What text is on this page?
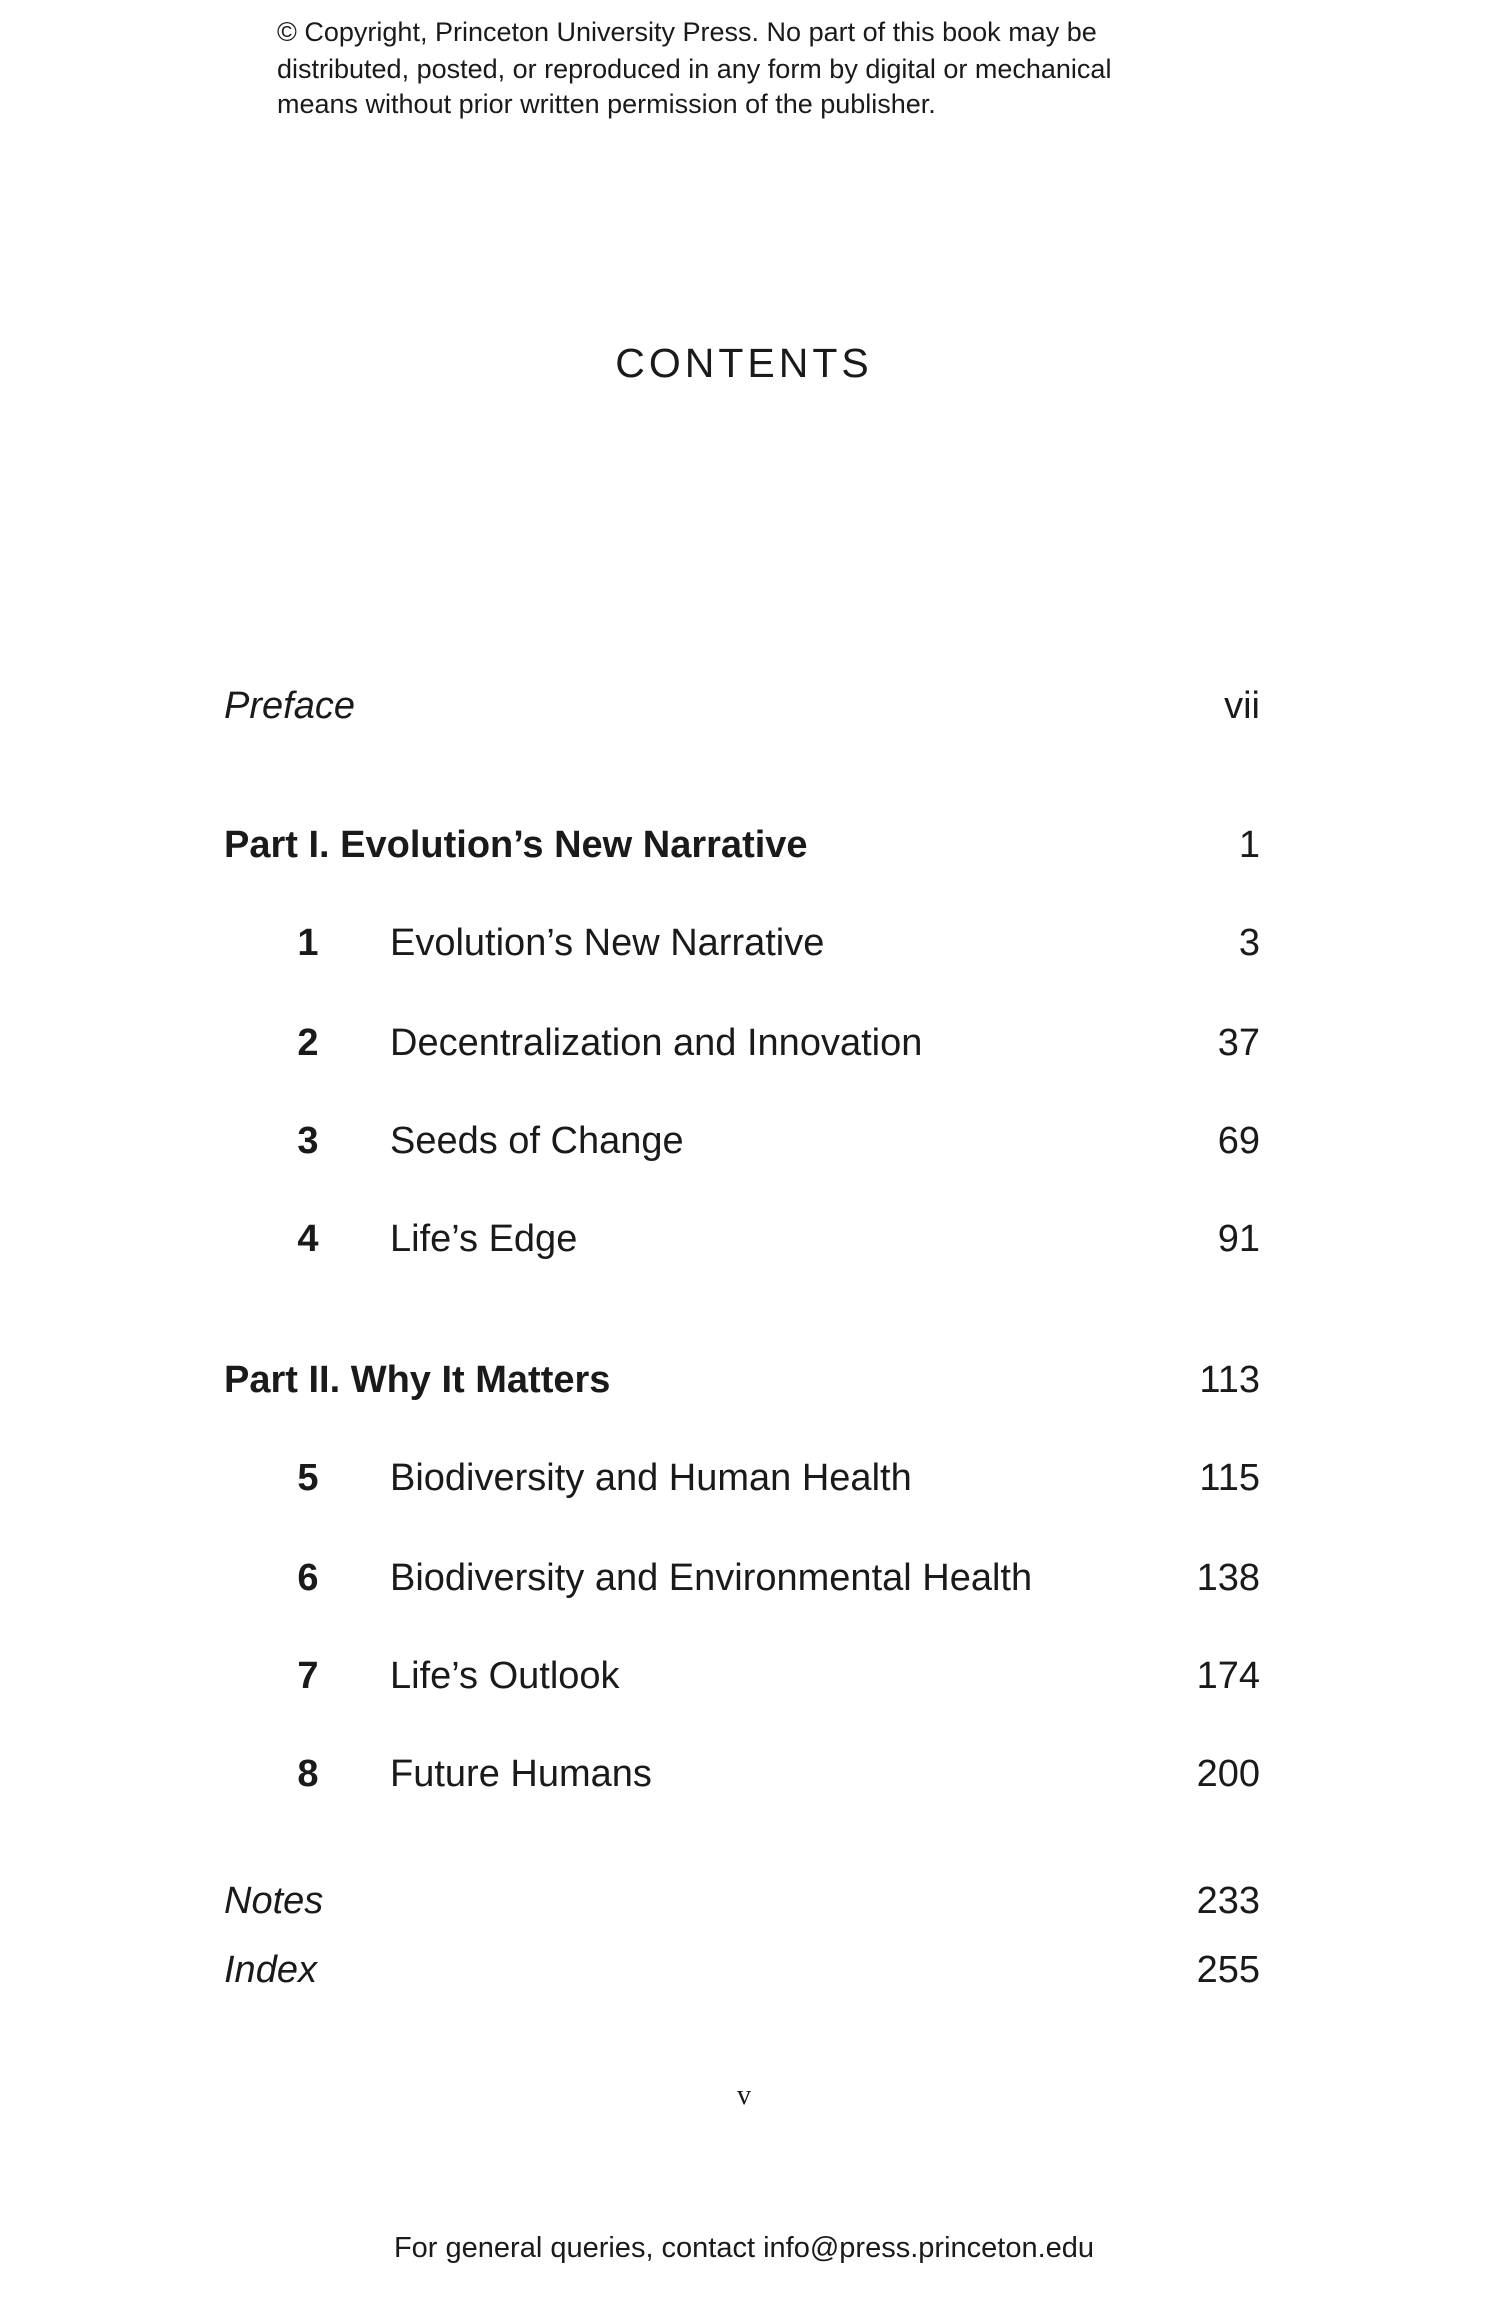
© Copyright, Princeton University Press. No part of this book may be
distributed, posted, or reproduced in any form by digital or mechanical
means without prior written permission of the publisher.
CONTENTS
Preface	vii
Part I. Evolution’s New Narrative	1
1 Evolution’s New Narrative	3
2 Decentralization and Innovation	37
3 Seeds of Change	69
4 Life’s Edge	91
Part II. Why It Matters	113
5 Biodiversity and Human Health	115
6 Biodiversity and Environmental Health	138
7 Life’s Outlook	174
8 Future Humans	200
Notes	233
Index	255
v
For general queries, contact info@press.princeton.edu
